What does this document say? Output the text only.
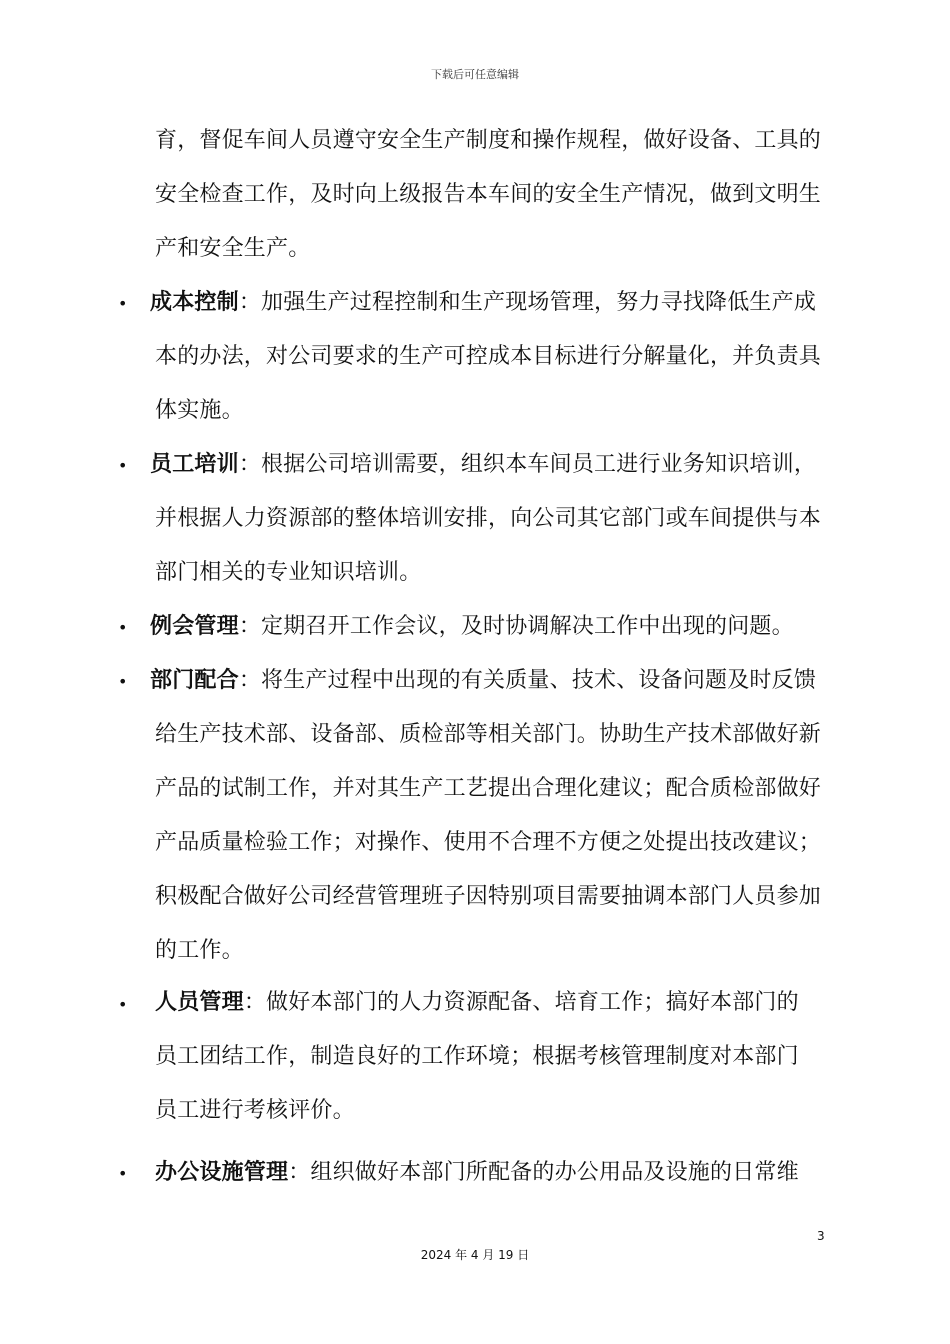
下载后可任意编辑
育，督促车间人员遵守安全生产制度和操作规程，做好设备、工具的
安全检查工作，及时向上级报告本车间的安全生产情况，做到文明生
产和安全生产。
• 成本控制：加强生产过程控制和生产现场管理，努力寻找降低生产成
本的办法，对公司要求的生产可控成本目标进行分解量化，并负责具
体实施。
• 员工培训：根据公司培训需要，组织本车间员工进行业务知识培训，
并根据人力资源部的整体培训安排，向公司其它部门或车间提供与本
部门相关的专业知识培训。
• 例会管理：定期召开工作会议，及时协调解决工作中出现的问题。
• 部门配合：将生产过程中出现的有关质量、技术、设备问题及时反馈
给生产技术部、设备部、质检部等相关部门。协助生产技术部做好新
产品的试制工作，并对其生产工艺提出合理化建议；配合质检部做好
产品质量检验工作；对操作、使用不合理不方便之处提出技改建议；
积极配合做好公司经营管理班子因特别项目需要抽调本部门人员参加
的工作。
• 人员管理：做好本部门的人力资源配备、培育工作；搞好本部门的
员工团结工作，制造良好的工作环境；根据考核管理制度对本部门
员工进行考核评价。
• 办公设施管理：组织做好本部门所配备的办公用品及设施的日常维
3
2024 年 4 月 19 日
